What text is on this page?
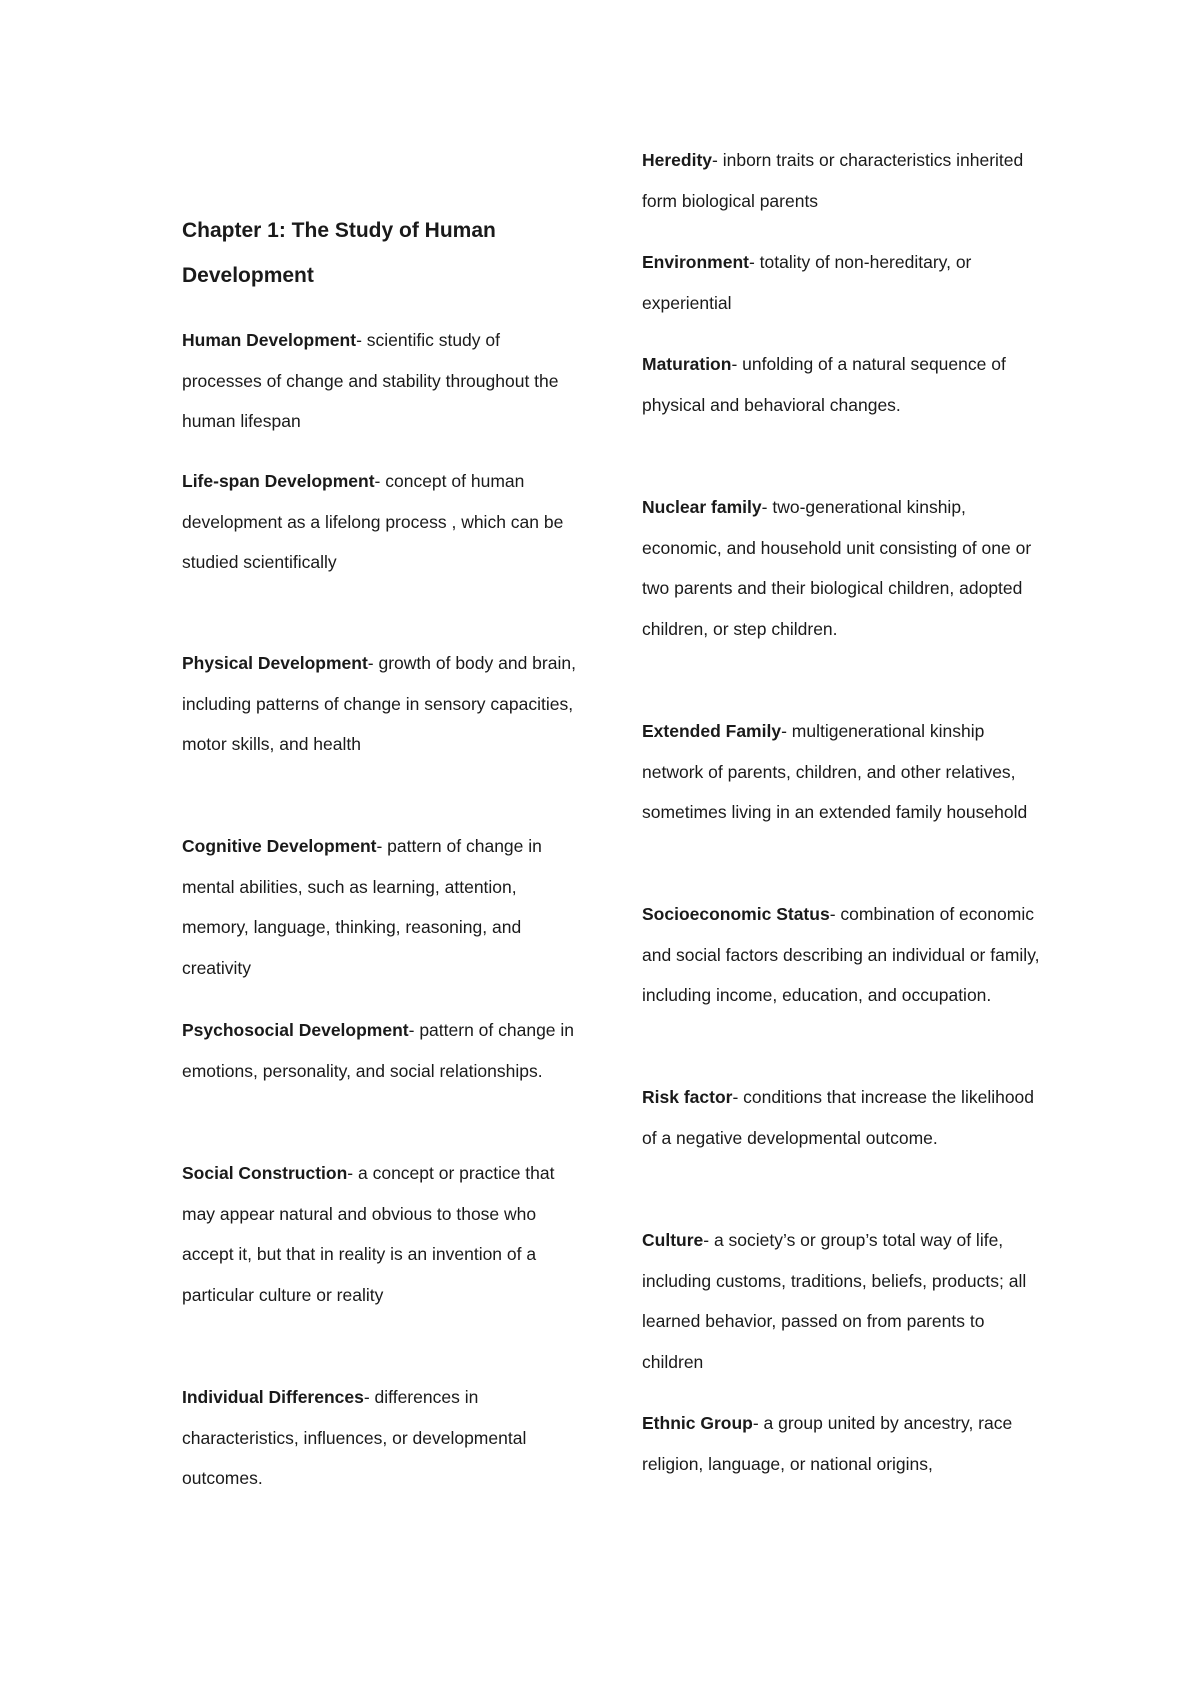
Chapter 1: The Study of Human Development

Human Development- scientific study of processes of change and stability throughout the human lifespan

Life-span Development- concept of human development as a lifelong process , which can be studied scientifically

Physical Development- growth of body and brain, including patterns of change in sensory capacities, motor skills, and health

Cognitive Development- pattern of change in mental abilities, such as learning, attention, memory, language, thinking, reasoning, and creativity

Psychosocial Development- pattern of change in emotions, personality, and social relationships.

Social Construction- a concept or practice that may appear natural and obvious to those who accept it, but that in reality is an invention of a particular culture or reality

Individual Differences- differences in characteristics, influences, or developmental outcomes.

Heredity- inborn traits or characteristics inherited form biological parents

Environment- totality of non-hereditary, or experiential

Maturation- unfolding of a natural sequence of physical and behavioral changes.

Nuclear family- two-generational kinship, economic, and household unit consisting of one or two parents and their biological children, adopted children, or step children.

Extended Family- multigenerational kinship network of parents, children, and other relatives, sometimes living in an extended family household

Socioeconomic Status- combination of economic and social factors describing an individual or family, including income, education, and occupation.

Risk factor- conditions that increase the likelihood of a negative developmental outcome.

Culture- a society’s or group’s total way of life, including customs, traditions, beliefs, products; all learned behavior, passed on from parents to children

Ethnic Group- a group united by ancestry, race religion, language, or national origins,
